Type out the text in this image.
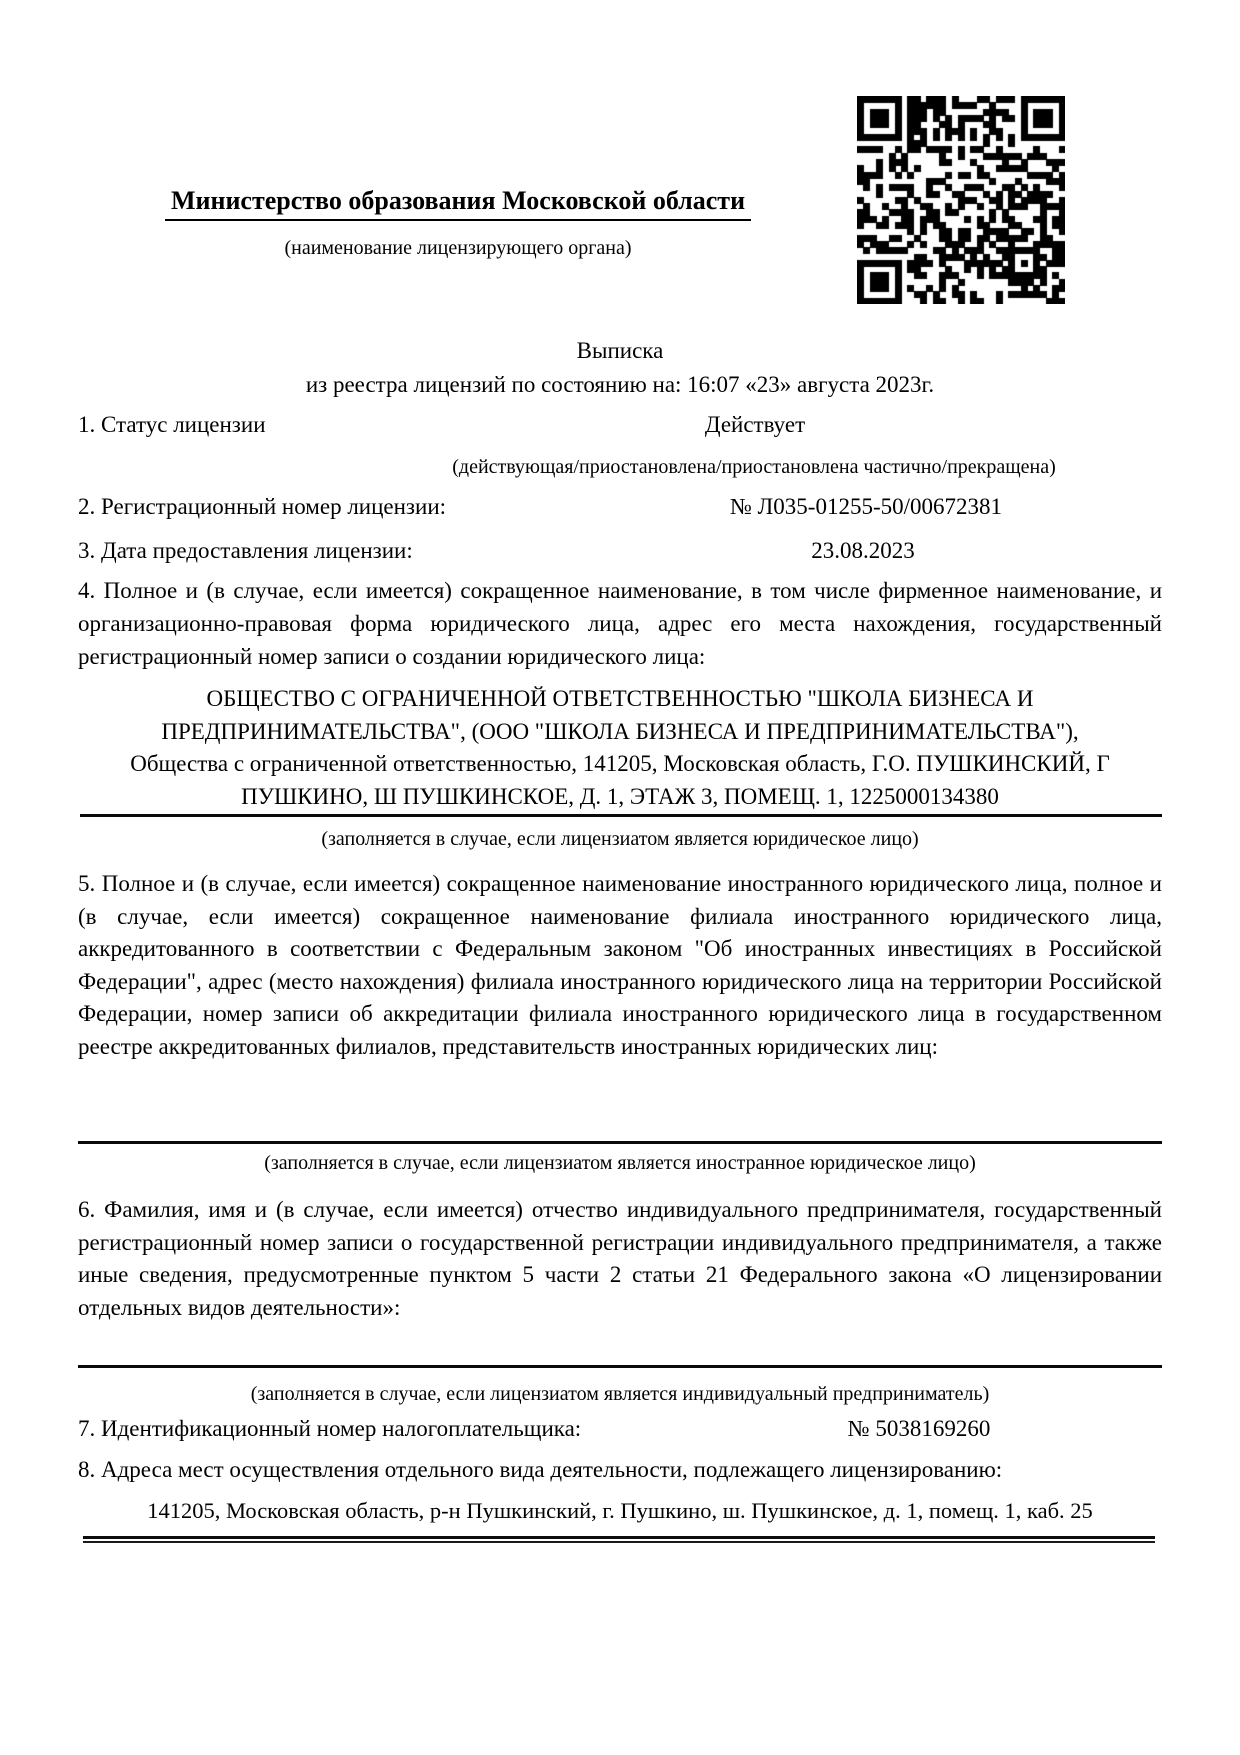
Министерство образования Московской области
(наименование лицензирующего органа)
Выписка
из реестра лицензий по состоянию на: 16:07 «23» августа 2023г.
1. Статус лицензии	Действует
(действующая/приостановлена/приостановлена частично/прекращена)
2. Регистрационный номер лицензии:	№ Л035-01255-50/00672381
3. Дата предоставления лицензии:	23.08.2023
4. Полное и (в случае, если имеется) сокращенное наименование, в том числе фирменное наименование, и организационно-правовая форма юридического лица, адрес его места нахождения, государственный регистрационный номер записи о создании юридического лица:
ОБЩЕСТВО С ОГРАНИЧЕННОЙ ОТВЕТСТВЕННОСТЬЮ "ШКОЛА БИЗНЕСА И
ПРЕДПРИНИМАТЕЛЬСТВА", (ООО "ШКОЛА БИЗНЕСА И ПРЕДПРИНИМАТЕЛЬСТВА"),
Общества с ограниченной ответственностью, 141205, Московская область, Г.О. ПУШКИНСКИЙ, Г
ПУШКИНО, Ш ПУШКИНСКОЕ, Д. 1, ЭТАЖ 3, ПОМЕЩ. 1, 1225000134380
(заполняется в случае, если лицензиатом является юридическое лицо)
5. Полное и (в случае, если имеется) сокращенное наименование иностранного юридического лица, полное и (в случае, если имеется) сокращенное наименование филиала иностранного юридического лица, аккредитованного в соответствии с Федеральным законом "Об иностранных инвестициях в Российской Федерации", адрес (место нахождения) филиала иностранного юридического лица на территории Российской Федерации, номер записи об аккредитации филиала иностранного юридического лица в государственном реестре аккредитованных филиалов, представительств иностранных юридических лиц:
(заполняется в случае, если лицензиатом является иностранное юридическое лицо)
6. Фамилия, имя и (в случае, если имеется) отчество индивидуального предпринимателя, государственный регистрационный номер записи о государственной регистрации индивидуального предпринимателя, а также иные сведения, предусмотренные пунктом 5 части 2 статьи 21 Федерального закона «О лицензировании отдельных видов деятельности»:
(заполняется в случае, если лицензиатом является индивидуальный предприниматель)
7. Идентификационный номер налогоплательщика:	№ 5038169260
8. Адреса мест осуществления отдельного вида деятельности, подлежащего лицензированию:
141205, Московская область, р-н Пушкинский, г. Пушкино, ш. Пушкинское, д. 1, помещ. 1, каб. 25
